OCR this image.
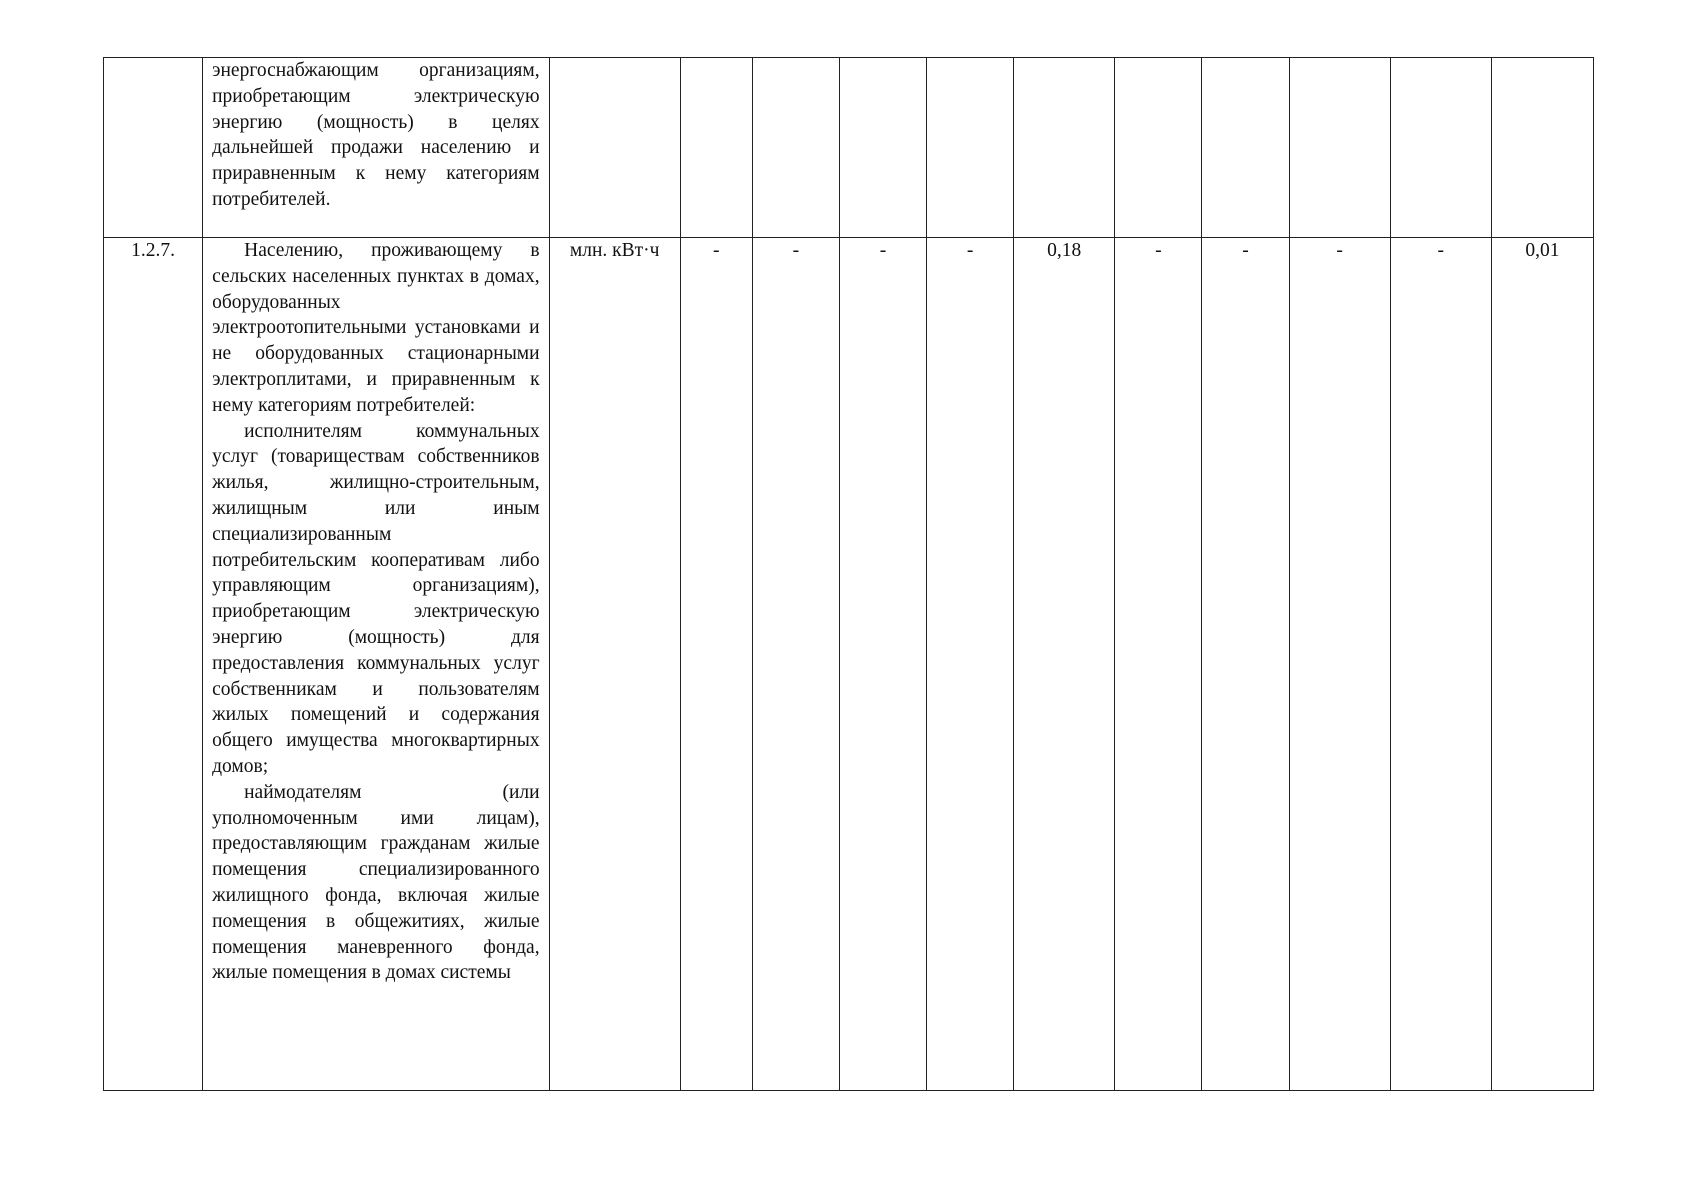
	энергоснабжающим организациям, приобретающим электрическую энергию (мощность) в целях дальнейшей продажи населению и приравненным к нему категориям потребителей.											

1.2.7.	Населению, проживающему в сельских населенных пунктах в домах, оборудованных электроотопительными установками и не оборудованных стационарными электроплитами, и приравненным к нему категориям потребителей:

исполнителям коммунальных услуг (товариществам собственников жилья, жилищно-строительным, жилищным или иным специализированным потребительским кооперативам либо управляющим организациям), приобретающим электрическую энергию (мощность) для предоставления коммунальных услуг собственникам и пользователям жилых помещений и содержания общего имущества многоквартирных домов;

наймодателям (или уполномоченным ими лицам), предоставляющим гражданам жилые помещения специализированного жилищного фонда, включая жилые помещения в общежитиях, жилые помещения маневренного фонда, жилые помещения в домах системы	млн. кВт·ч	-	-	-	-	0,18	-	-	-	-	0,01
